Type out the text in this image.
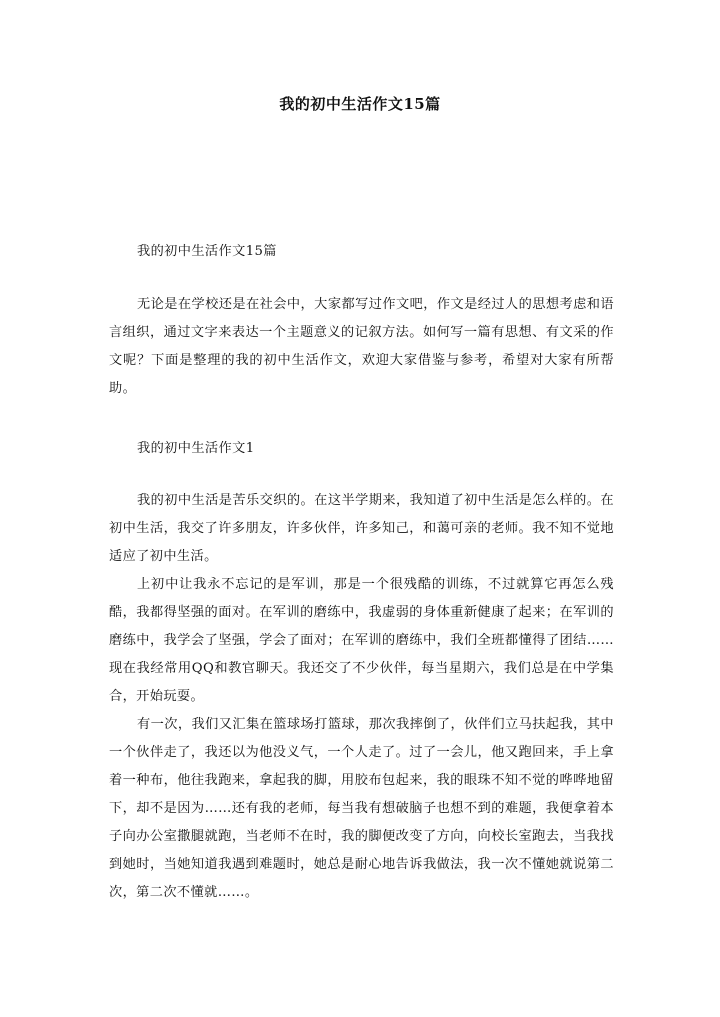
我的初中生活作文15篇
我的初中生活作文15篇

无论是在学校还是在社会中，大家都写过作文吧，作文是经过人的思想考虑和语言组织，通过文字来表达一个主题意义的记叙方法。如何写一篇有思想、有文采的作文呢？下面是整理的我的初中生活作文，欢迎大家借鉴与参考，希望对大家有所帮助。

我的初中生活作文1

我的初中生活是苦乐交织的。在这半学期来，我知道了初中生活是怎么样的。在初中生活，我交了许多朋友，许多伙伴，许多知己，和蔼可亲的老师。我不知不觉地适应了初中生活。

上初中让我永不忘记的是军训，那是一个很残酷的训练，不过就算它再怎么残酷，我都得坚强的面对。在军训的磨练中，我虚弱的身体重新健康了起来；在军训的磨练中，我学会了坚强，学会了面对；在军训的磨练中，我们全班都懂得了团结……现在我经常用QQ和教官聊天。我还交了不少伙伴，每当星期六，我们总是在中学集合，开始玩耍。

有一次，我们又汇集在篮球场打篮球，那次我摔倒了，伙伴们立马扶起我，其中一个伙伴走了，我还以为他没义气，一个人走了。过了一会儿，他又跑回来，手上拿着一种布，他往我跑来，拿起我的脚，用胶布包起来，我的眼珠不知不觉的哗哗地留下，却不是因为……还有我的老师，每当我有想破脑子也想不到的难题，我便拿着本子向办公室撒腿就跑，当老师不在时，我的脚便改变了方向，向校长室跑去，当我找到她时，当她知道我遇到难题时，她总是耐心地告诉我做法，我一次不懂她就说第二次，第二次不懂就……。
